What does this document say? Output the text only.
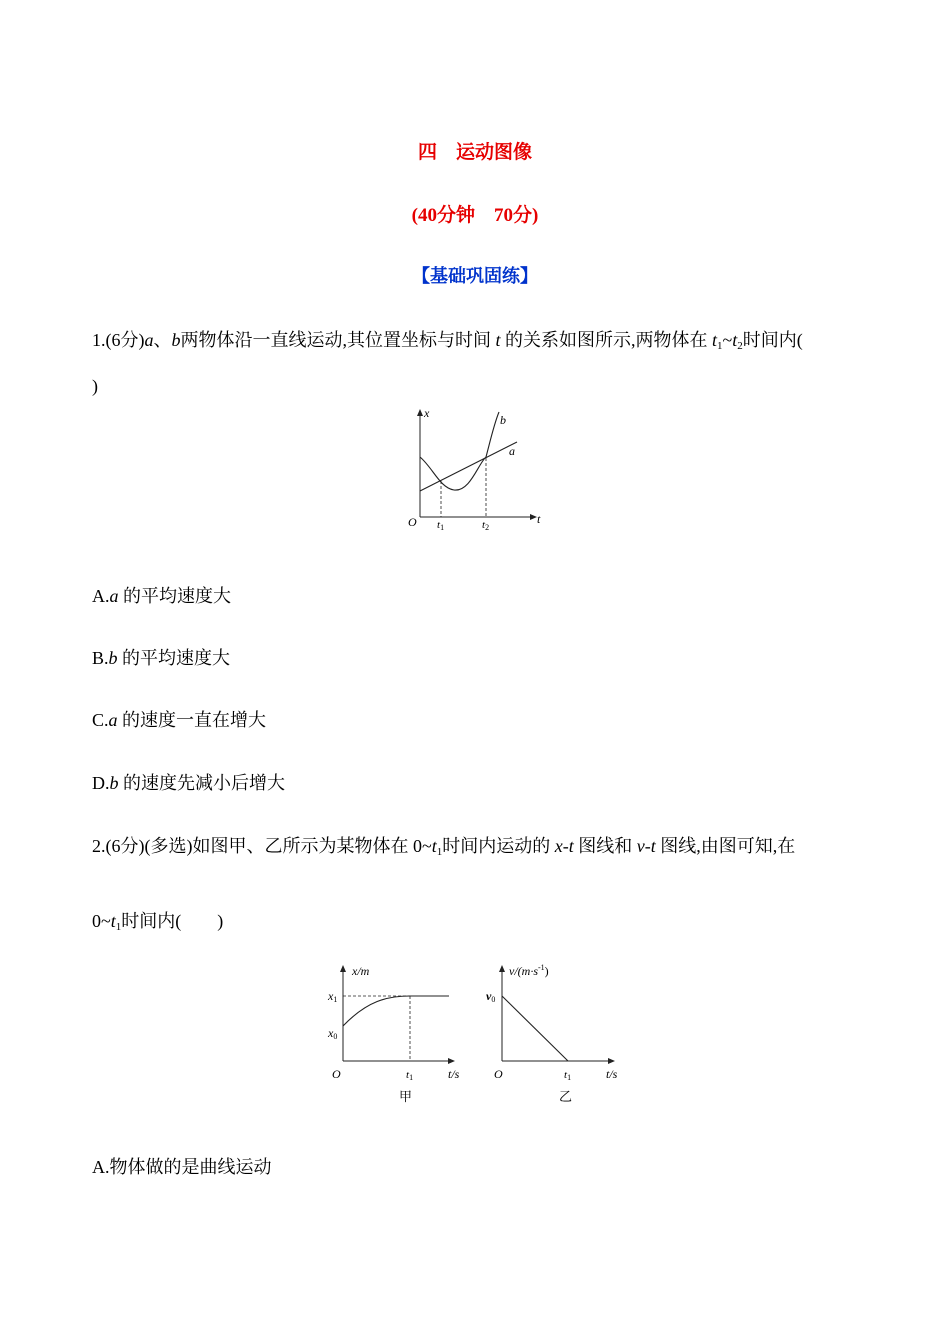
四　运动图像
(40分钟　70分)
【基础巩固练】
1.(6分)a、b两物体沿一直线运动,其位置坐标与时间 t 的关系如图所示,两物体在 $t_1\sim t_2$时间内(
)
x
t
O t1	t2
a
b
A.a 的平均速度大
B.b 的平均速度大
C.a 的速度一直在增大
D.b 的速度先减小后增大
2.(6分)(多选)如图甲、乙所示为某物体在 $0\sim t_1$时间内运动的 x-t 图线和 v-t 图线,由图可知,在
$0\sim t_1$时间内(　　)
x/m
x1
x0
O	t1	t/s
甲
$v/(m\cdot s^{-1})$
v0
O	t1	t/s
乙
A.物体做的是曲线运动
